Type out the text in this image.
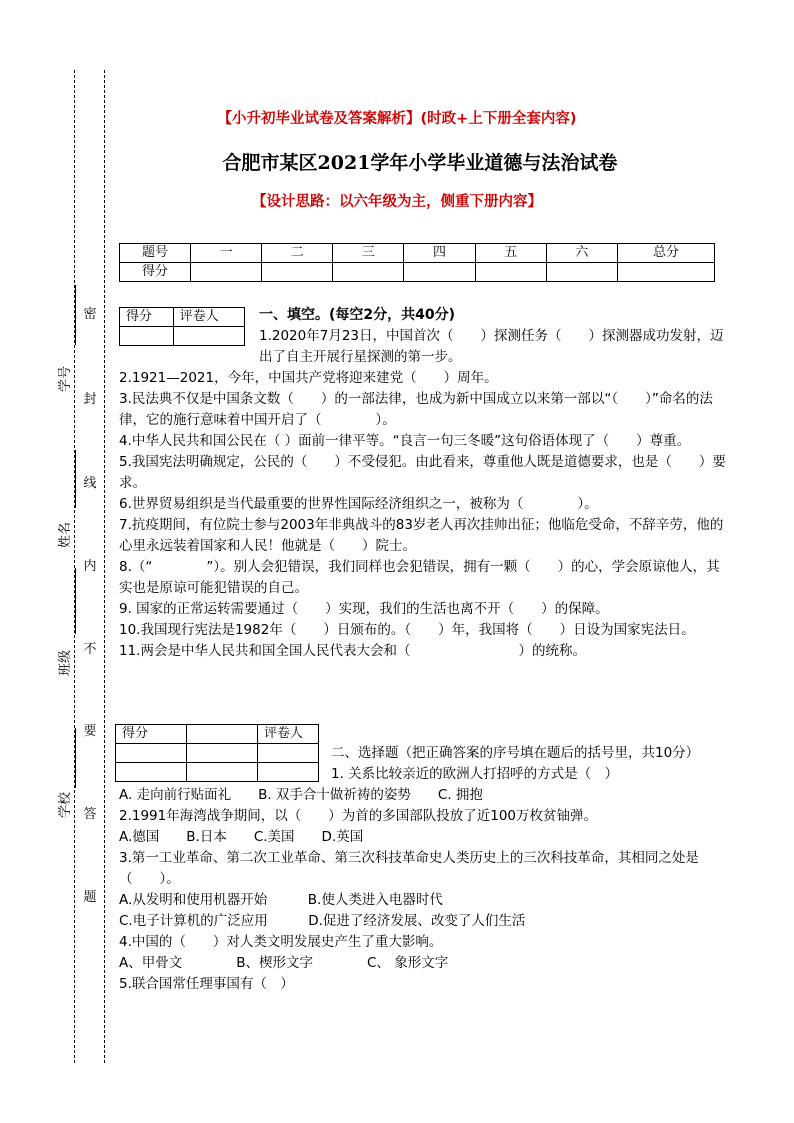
密
封
线
内
不
要
答
题
学号
姓名
班级
学校
【小升初毕业试卷及答案解析】(时政+上下册全套内容)
合肥市某区2021学年小学毕业道德与法治试卷
【设计思路：以六年级为主，侧重下册内容】
题号	一	二	三	四	五	六	总分
得分							
得分	评卷人
		一、填空。(每空2分，共40分)

1.2020年7月23日，中国首次（　　）探测任务（　　）探测器成功发射，迈出了自主开展行星探测的第一步。

2.1921—2021，今年，中国共产党将迎来建党（　　）周年。

3.民法典不仅是中国条文数（　　）的一部法律，也成为新中国成立以来第一部以“（　　）”命名的法律，它的施行意味着中国开启了（　　　　）。

4.中华人民共和国公民在（ ）面前一律平等。“良言一句三冬暖”这句俗语体现了（　　）尊重。

5.我国宪法明确规定，公民的（　　）不受侵犯。由此看来，尊重他人既是道德要求，也是（　　）要求。

6.世界贸易组织是当代最重要的世界性国际经济组织之一，被称为（　　　　）。

7.抗疫期间，有位院士参与2003年非典战斗的83岁老人再次挂帅出征；他临危受命，不辞辛劳，他的心里永远装着国家和人民！他就是（　　）院士。

8.（“　　　　”）。别人会犯错误，我们同样也会犯错误，拥有一颗（　　）的心，学会原谅他人，其实也是原谅可能犯错误的自己。

9. 国家的正常运转需要通过（　　）实现，我们的生活也离不开（　　）的保障。

10.我国现行宪法是1982年（　　）日颁布的。（　　）年，我国将（　　）日设为国家宪法日。

11.两会是中华人民共和国全国人民代表大会和（　　　　　　　　）的统称。

得分		评卷人

二、选择题（把正确答案的序号填在题后的括号里，共10分）

1. 关系比较亲近的欧洲人打招呼的方式是（　）

A. 走向前行贴面礼　　B. 双手合十做祈祷的姿势　　C. 拥抱

2.1991年海湾战争期间，以（　　）为首的多国部队投放了近100万枚贫铀弹。

A.德国　　B.日本　　C.美国　　D.英国

3.第一工业革命、第二次工业革命、第三次科技革命史人类历史上的三次科技革命，其相同之处是（　　）。

A.从发明和使用机器开始　　　B.使人类进入电器时代

C.电子计算机的广泛应用　　　D.促进了经济发展、改变了人们生活

4.中国的（　　）对人类文明发展史产生了重大影响。

A、甲骨文　　　　B、楔形文字　　　　C、 象形文字

5.联合国常任理事国有（　）
